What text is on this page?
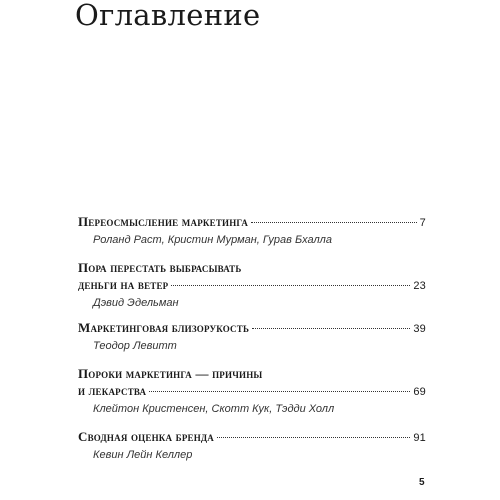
Оглавление
Переосмысление маркетинга	7
Роланд Раст, Кристин Мурман, Гурав Бхалла
Пора перестать выбрасывать
деньги на ветер	23
Дэвид Эдельман
Маркетинговая близорукость	39
Теодор Левитт
Пороки маркетинга — причины
и лекарства	69
Клейтон Кристенсен, Скотт Кук, Тэдди Холл
Сводная оценка бренда	91
Кевин Лейн Келлер
5
